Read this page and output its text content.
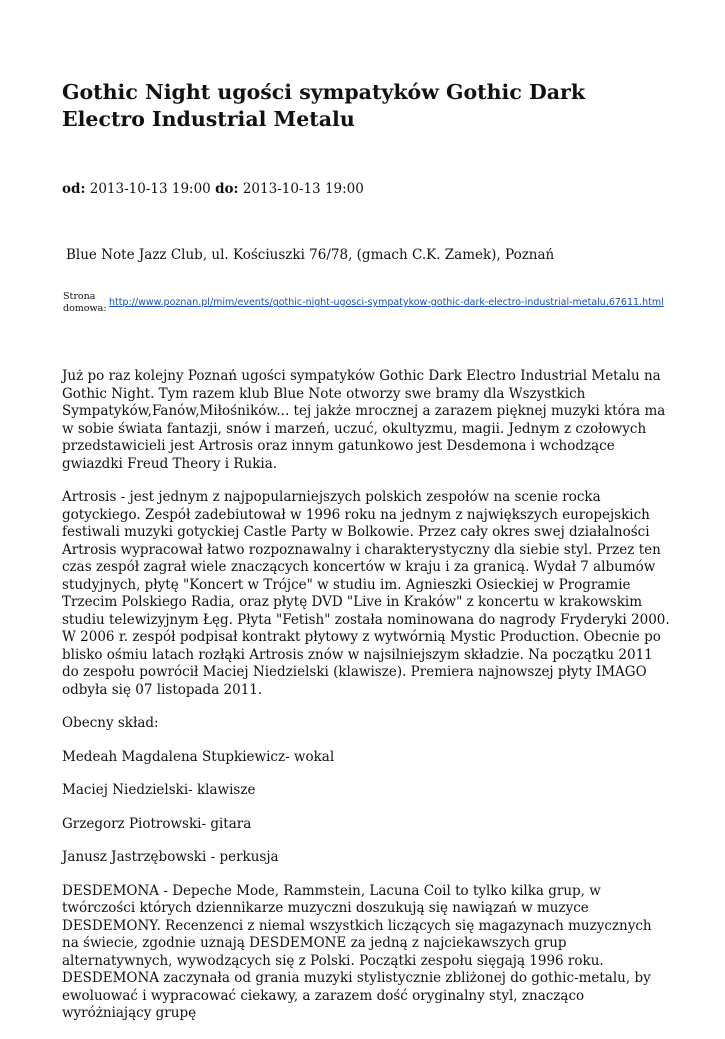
Gothic Night ugości sympatyków Gothic Dark Electro Industrial Metalu
od: 2013-10-13 19:00 do: 2013-10-13 19:00
Blue Note Jazz Club, ul. Kościuszki 76/78, (gmach C.K. Zamek), Poznań
Strona domowa:
http://www.poznan.pl/mim/events/gothic-night-ugosci-sympatykow-gothic-dark-electro-industrial-metalu,67611.html

Już po raz kolejny Poznań ugości sympatyków Gothic Dark Electro Industrial Metalu na Gothic Night. Tym razem klub Blue Note otworzy swe bramy dla Wszystkich Sympatyków,Fanów,Miłośników... tej jakże mrocznej a zarazem pięknej muzyki która ma w sobie świata fantazji, snów i marzeń, uczuć, okultyzmu, magii. Jednym z czołowych przedstawicieli jest Artrosis oraz innym gatunkowo jest Desdemona i wchodzące gwiazdki Freud Theory i Rukia.

Artrosis - jest jednym z najpopularniejszych polskich zespołów na scenie rocka gotyckiego. Zespół zadebiutował w 1996 roku na jednym z największych europejskich festiwali muzyki gotyckiej Castle Party w Bolkowie. Przez cały okres swej działalności Artrosis wypracował łatwo rozpoznawalny i charakterystyczny dla siebie styl. Przez ten czas zespół zagrał wiele znaczących koncertów w kraju i za granicą. Wydał 7 albumów studyjnych, płytę "Koncert w Trójce" w studiu im. Agnieszki Osieckiej w Programie Trzecim Polskiego Radia, oraz płytę DVD "Live in Kraków" z koncertu w krakowskim studiu telewizyjnym Łęg. Płyta "Fetish" została nominowana do nagrody Fryderyki 2000. W 2006 r. zespół podpisał kontrakt płytowy z wytwórnią Mystic Production. Obecnie po blisko ośmiu latach rozłąki Artrosis znów w najsilniejszym składzie. Na początku 2011 do zespołu powrócił Maciej Niedzielski (klawisze). Premiera najnowszej płyty IMAGO odbyła się 07 listopada 2011.

Obecny skład:

Medeah Magdalena Stupkiewicz- wokal

Maciej Niedzielski- klawisze

Grzegorz Piotrowski- gitara

Janusz Jastrzębowski - perkusja

DESDEMONA - Depeche Mode, Rammstein, Lacuna Coil to tylko kilka grup, w twórczości których dziennikarze muzyczni doszukują się nawiązań w muzyce DESDEMONY. Recenzenci z niemal wszystkich liczących się magazynach muzycznych na świecie, zgodnie uznają DESDEMONE za jedną z najciekawszych grup alternatywnych, wywodzących się z Polski. Początki zespołu sięgają 1996 roku. DESDEMONA zaczynała od grania muzyki stylistycznie zbliżonej do gothic-metalu, by ewoluować i wypracować ciekawy, a zarazem dość oryginalny styl, znacząco wyróżniający grupę
